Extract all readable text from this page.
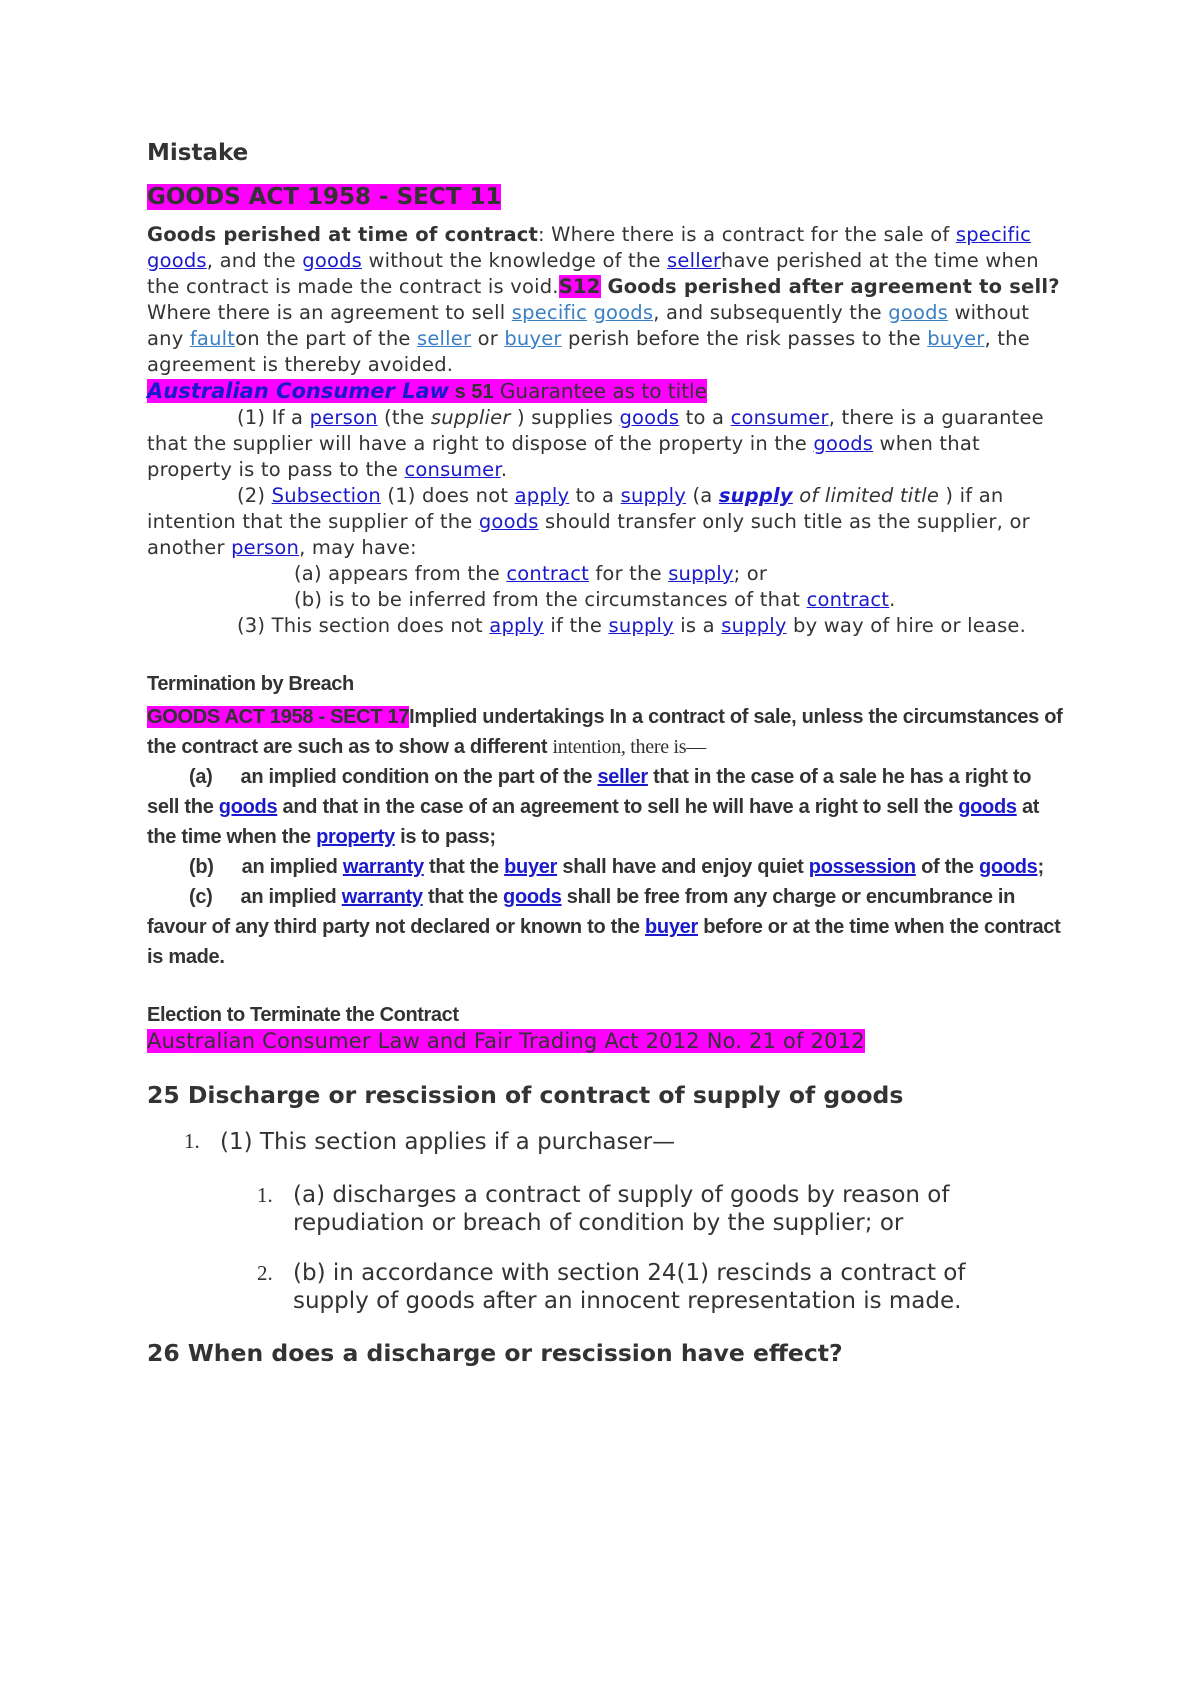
Mistake
GOODS ACT 1958 - SECT 11

Goods perished at time of contract: Where there is a contract for the sale of specific goods, and the goods without the knowledge of the sellerhave perished at the time when the contract is made the contract is void.S12 Goods perished after agreement to sell?Where there is an agreement to sell specific goods, and subsequently the goods without any faulton the part of the seller or buyer perish before the risk passes to the buyer, the agreement is thereby avoided.

Australian Consumer Law s 51 Guarantee as to title

(1) If a person (the supplier ) supplies goods to a consumer, there is a guarantee that the supplier will have a right to dispose of the property in the goods when that property is to pass to the consumer.

(2) Subsection (1) does not apply to a supply (a supply of limited title ) if an intention that the supplier of the goods should transfer only such title as the supplier, or another person, may have:

(a) appears from the contract for the supply; or

(b) is to be inferred from the circumstances of that contract.

(3) This section does not apply if the supply is a supply by way of hire or lease.

Termination by Breach

GOODS ACT 1958 - SECT 17Implied undertakings In a contract of sale, unless the circumstances of the contract are such as to show a different intention, there is—

(a) an implied condition on the part of the seller that in the case of a sale he has a right to sell the goods and that in the case of an agreement to sell he will have a right to sell the goods at the time when the property is to pass;

(b) an implied warranty that the buyer shall have and enjoy quiet possession of the goods;

(c) an implied warranty that the goods shall be free from any charge or encumbrance in favour of any third party not declared or known to the buyer before or at the time when the contract is made.

Election to Terminate the Contract
Australian Consumer Law and Fair Trading Act 2012 No. 21 of 2012
25 Discharge or rescission of contract of supply of goods
1. (1) This section applies if a purchaser—
1. (a) discharges a contract of supply of goods by reason of repudiation or breach of condition by the supplier; or
2. (b) in accordance with section 24(1) rescinds a contract of supply of goods after an innocent representation is made.
26 When does a discharge or rescission have effect?
